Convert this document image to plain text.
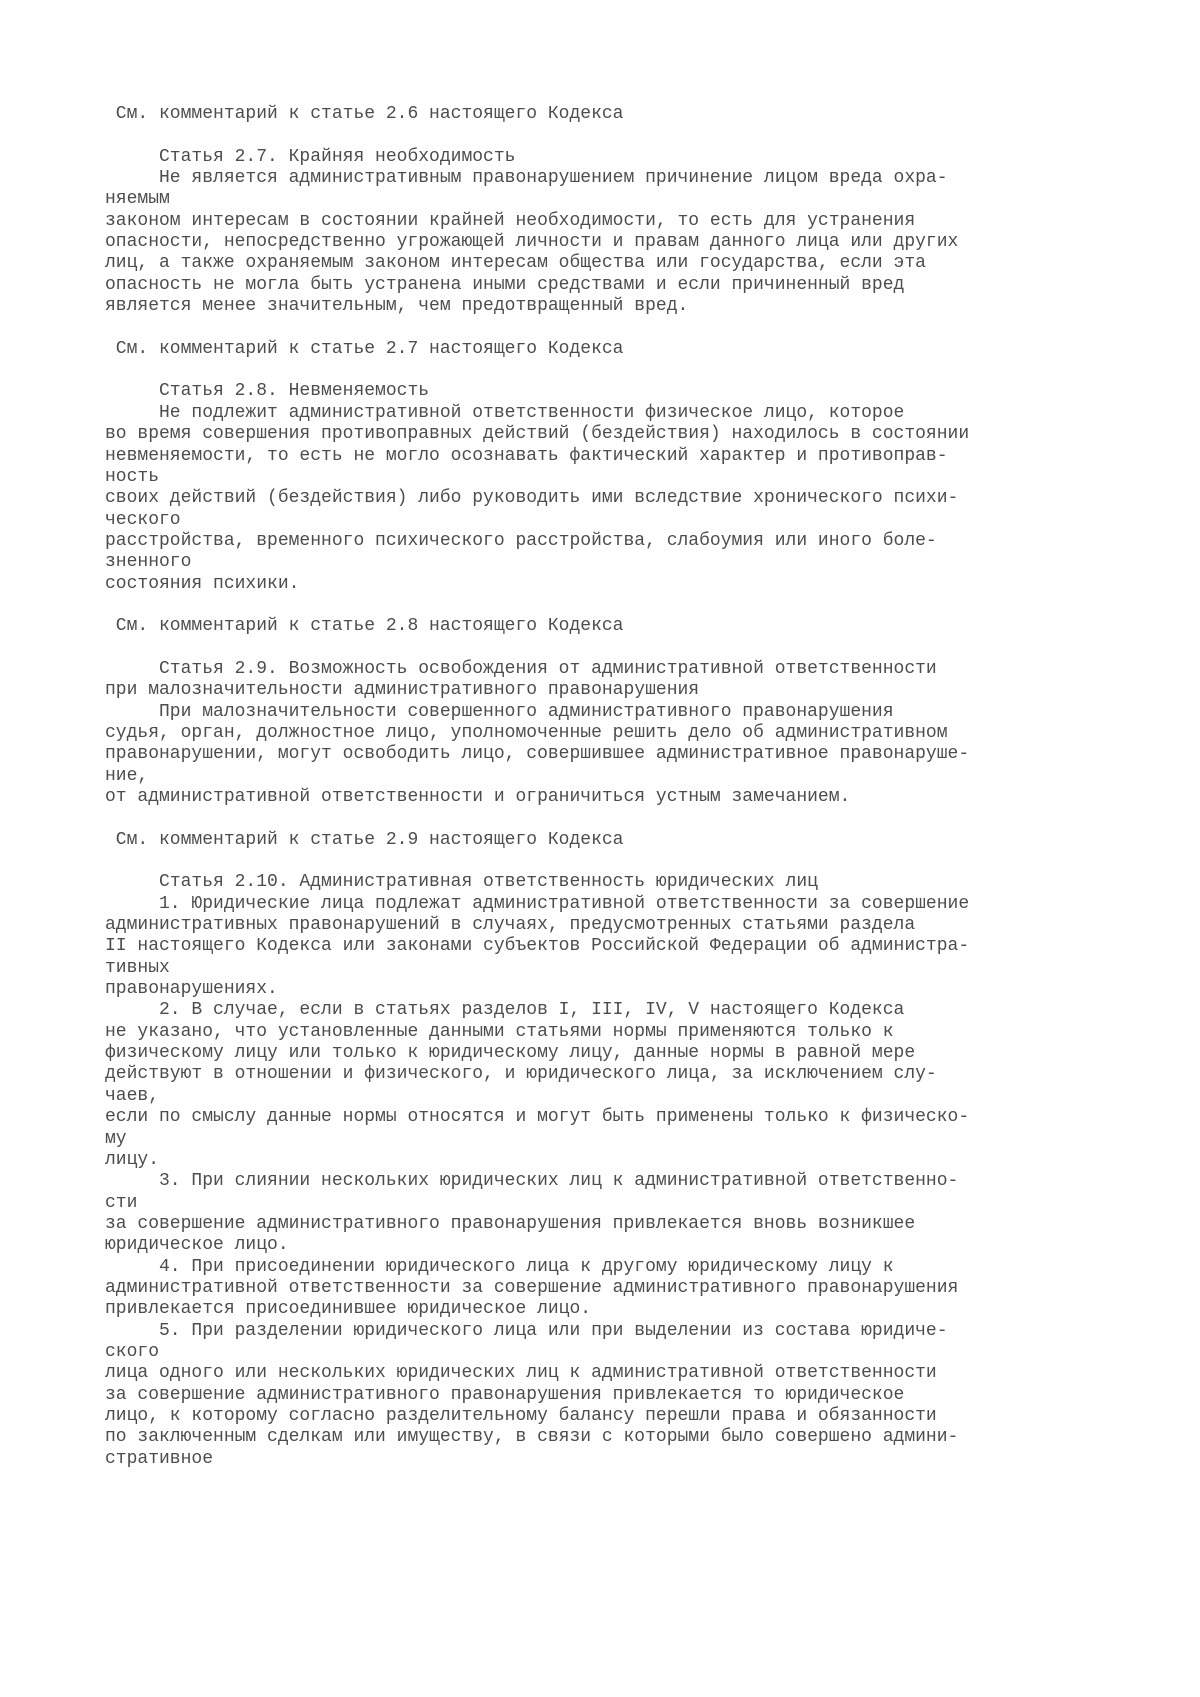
См. комментарий к статье 2.6 настоящего Кодекса
Статья 2.7. Крайняя необходимость
Не является административным правонарушением причинение лицом вреда охра-
няемым
законом интересам в состоянии крайней необходимости, то есть для устранения
опасности, непосредственно угрожающей личности и правам данного лица или других
лиц, а также охраняемым законом интересам общества или государства, если эта
опасность не могла быть устранена иными средствами и если причиненный вред
является менее значительным, чем предотвращенный вред.
См. комментарий к статье 2.7 настоящего Кодекса
Статья 2.8. Невменяемость
Не подлежит административной ответственности физическое лицо, которое
во время совершения противоправных действий (бездействия) находилось в состоянии
невменяемости, то есть не могло осознавать фактический характер и противоправ-
ность
своих действий (бездействия) либо руководить ими вследствие хронического психи-
ческого
расстройства, временного психического расстройства, слабоумия или иного боле-
зненного
состояния психики.
См. комментарий к статье 2.8 настоящего Кодекса
Статья 2.9. Возможность освобождения от административной ответственности
при малозначительности административного правонарушения
При малозначительности совершенного административного правонарушения
судья, орган, должностное лицо, уполномоченные решить дело об административном
правонарушении, могут освободить лицо, совершившее административное правонаруше-
ние,
от административной ответственности и ограничиться устным замечанием.
См. комментарий к статье 2.9 настоящего Кодекса
Статья 2.10. Административная ответственность юридических лиц
1. Юридические лица подлежат административной ответственности за совершение
административных правонарушений в случаях, предусмотренных статьями раздела
II настоящего Кодекса или законами субъектов Российской Федерации об администра-
тивных
правонарушениях.
2. В случае, если в статьях разделов I, III, IV, V настоящего Кодекса
не указано, что установленные данными статьями нормы применяются только к
физическому лицу или только к юридическому лицу, данные нормы в равной мере
действуют в отношении и физического, и юридического лица, за исключением слу-
чаев,
если по смыслу данные нормы относятся и могут быть применены только к физическо-
му
лицу.
3. При слиянии нескольких юридических лиц к административной ответственно-
сти
за совершение административного правонарушения привлекается вновь возникшее
юридическое лицо.
4. При присоединении юридического лица к другому юридическому лицу к
административной ответственности за совершение административного правонарушения
привлекается присоединившее юридическое лицо.
5. При разделении юридического лица или при выделении из состава юридиче-
ского
лица одного или нескольких юридических лиц к административной ответственности
за совершение административного правонарушения привлекается то юридическое
лицо, к которому согласно разделительному балансу перешли права и обязанности
по заключенным сделкам или имуществу, в связи с которыми было совершено админи-
стративное
